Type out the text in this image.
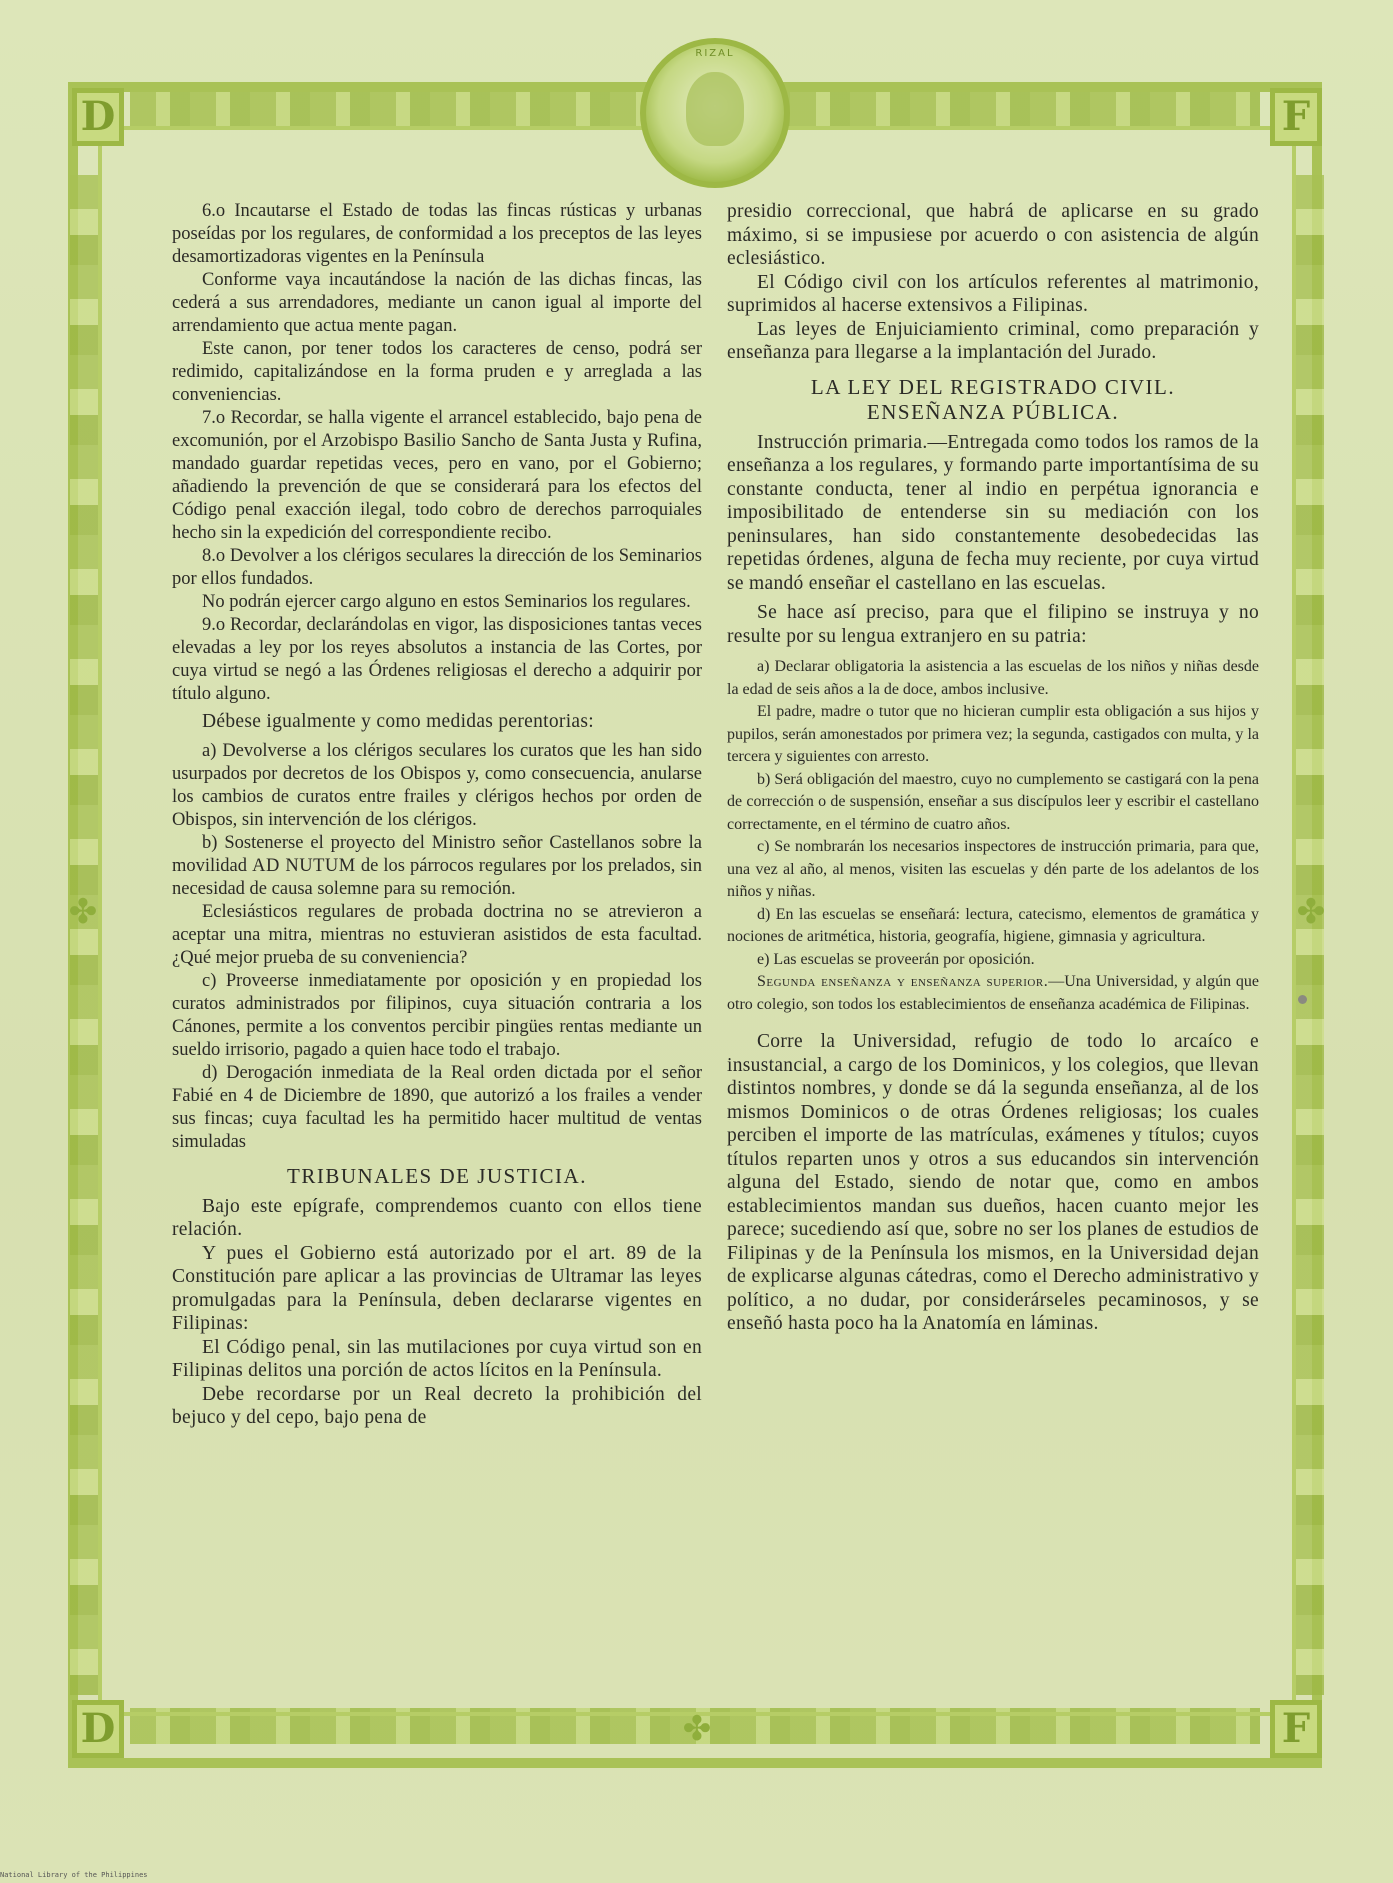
D	F
D	F
✤	✤
✤
RIZAL

6.o Incautarse el Estado de todas las fincas rústicas y urbanas poseídas por los regulares, de conformidad a los preceptos de las leyes desamortizadoras vigentes en la Península

Conforme vaya incautándose la nación de las dichas fincas, las cederá a sus arrendadores, mediante un canon igual al importe del arrendamiento que actua mente pagan.

Este canon, por tener todos los caracteres de censo, podrá ser redimido, capitalizándose en la forma pruden e y arreglada a las conveniencias.

7.o Recordar, se halla vigente el arrancel establecido, bajo pena de excomunión, por el Arzobispo Basilio Sancho de Santa Justa y Rufina, mandado guardar repetidas veces, pero en vano, por el Gobierno; añadiendo la prevención de que se considerará para los efectos del Código penal exacción ilegal, todo cobro de derechos parroquiales hecho sin la expedición del correspondiente recibo.

8.o Devolver a los clérigos seculares la dirección de los Seminarios por ellos fundados.

No podrán ejercer cargo alguno en estos Seminarios los regulares.

9.o Recordar, declarándolas en vigor, las disposiciones tantas veces elevadas a ley por los reyes absolutos a instancia de las Cortes, por cuya virtud se negó a las Órdenes religiosas el derecho a adquirir por título alguno.

Débese igualmente y como medidas perentorias:

a) Devolverse a los clérigos seculares los curatos que les han sido usurpados por decretos de los Obispos y, como consecuencia, anularse los cambios de curatos entre frailes y clérigos hechos por orden de Obispos, sin intervención de los clérigos.

b) Sostenerse el proyecto del Ministro señor Castellanos sobre la movilidad AD NUTUM de los párrocos regulares por los prelados, sin necesidad de causa solemne para su remoción.

Eclesiásticos regulares de probada doctrina no se atrevieron a aceptar una mitra, mientras no estuvieran asistidos de esta facultad. ¿Qué mejor prueba de su conveniencia?

c) Proveerse inmediatamente por oposición y en propiedad los curatos administrados por filipinos, cuya situación contraria a los Cánones, permite a los conventos percibir pingües rentas mediante un sueldo irrisorio, pagado a quien hace todo el trabajo.

d) Derogación inmediata de la Real orden dictada por el señor Fabié en 4 de Diciembre de 1890, que autorizó a los frailes a vender sus fincas; cuya facultad les ha permitido hacer multitud de ventas simuladas

TRIBUNALES DE JUSTICIA.

Bajo este epígrafe, comprendemos cuanto con ellos tiene relación.

Y pues el Gobierno está autorizado por el art. 89 de la Constitución pare aplicar a las provincias de Ultramar las leyes promulgadas para la Península, deben declararse vigentes en Filipinas:

El Código penal, sin las mutilaciones por cuya virtud son en Filipinas delitos una porción de actos lícitos en la Península.

Debe recordarse por un Real decreto la prohibición del bejuco y del cepo, bajo pena de

presidio correccional, que habrá de aplicarse en su grado máximo, si se impusiese por acuerdo o con asistencia de algún eclesiástico.

El Código civil con los artículos referentes al matrimonio, suprimidos al hacerse extensivos a Filipinas.

Las leyes de Enjuiciamiento criminal, como preparación y enseñanza para llegarse a la implantación del Jurado.

LA LEY DEL REGISTRADO CIVIL.
ENSEÑANZA PÚBLICA.

Instrucción primaria.—Entregada como todos los ramos de la enseñanza a los regulares, y formando parte importantísima de su constante conducta, tener al indio en perpétua ignorancia e imposibilitado de entenderse sin su mediación con los peninsulares, han sido constantemente desobedecidas las repetidas órdenes, alguna de fecha muy reciente, por cuya virtud se mandó enseñar el castellano en las escuelas.

Se hace así preciso, para que el filipino se instruya y no resulte por su lengua extranjero en su patria:

a) Declarar obligatoria la asistencia a las escuelas de los niños y niñas desde la edad de seis años a la de doce, ambos inclusive.

El padre, madre o tutor que no hicieran cumplir esta obligación a sus hijos y pupilos, serán amonestados por primera vez; la segunda, castigados con multa, y la tercera y siguientes con arresto.

b) Será obligación del maestro, cuyo no cumplemento se castigará con la pena de corrección o de suspensión, enseñar a sus discípulos leer y escribir el castellano correctamente, en el término de cuatro años.

c) Se nombrarán los necesarios inspectores de instrucción primaria, para que, una vez al año, al menos, visiten las escuelas y dén parte de los adelantos de los niños y niñas.

d) En las escuelas se enseñará: lectura, catecismo, elementos de gramática y nociones de aritmética, historia, geografía, higiene, gimnasia y agricultura.

e) Las escuelas se proveerán por oposición.

Segunda enseñanza y enseñanza superior.—Una Universidad, y algún que otro colegio, son todos los establecimientos de enseñanza académica de Filipinas.

Corre la Universidad, refugio de todo lo arcaíco e insustancial, a cargo de los Dominicos, y los colegios, que llevan distintos nombres, y donde se dá la segunda enseñanza, al de los mismos Dominicos o de otras Órdenes religiosas; los cuales perciben el importe de las matrículas, exámenes y títulos; cuyos títulos reparten unos y otros a sus educandos sin intervención alguna del Estado, siendo de notar que, como en ambos establecimientos mandan sus dueños, hacen cuanto mejor les parece; sucediendo así que, sobre no ser los planes de estudios de Filipinas y de la Península los mismos, en la Universidad dejan de explicarse algunas cátedras, como el Derecho administrativo y político, a no dudar, por considerárseles pecaminosos, y se enseñó hasta poco ha la Anatomía en láminas.

National Library of the Philippines
